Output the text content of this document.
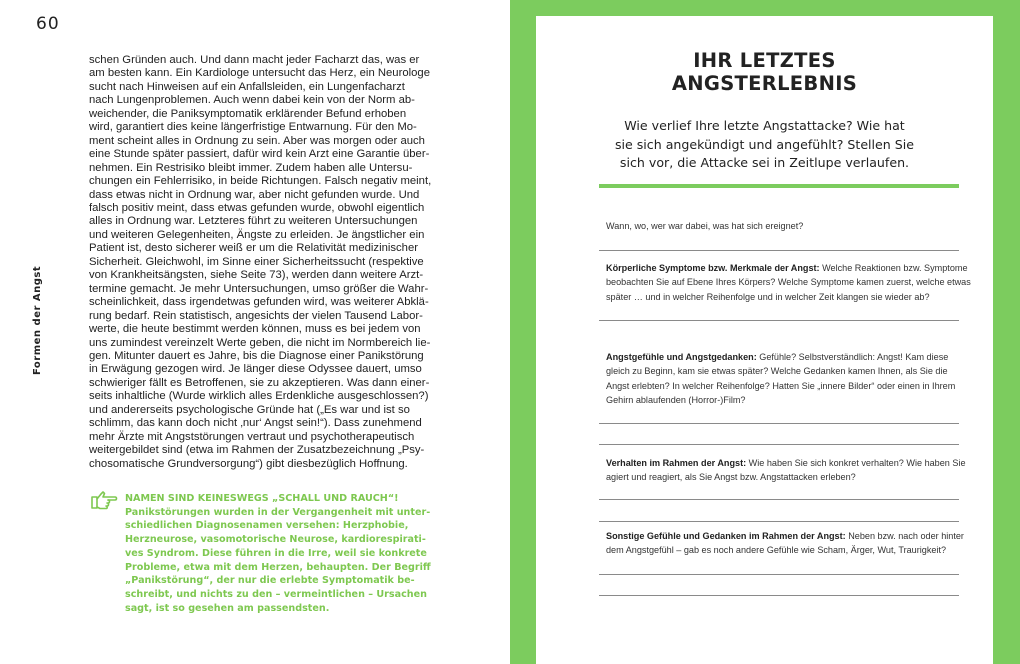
60
Formen der Angst

schen Gründen auch. Und dann macht jeder Facharzt das, was er
am besten kann. Ein Kardiologe untersucht das Herz, ein Neurologe
sucht nach Hinweisen auf ein Anfallsleiden, ein Lungenfacharzt
nach Lungenproblemen. Auch wenn dabei kein von der Norm ab-
weichender, die Paniksymptomatik erklärender Befund erhoben
wird, garantiert dies keine längerfristige Entwarnung. Für den Mo-
ment scheint alles in Ordnung zu sein. Aber was morgen oder auch
eine Stunde später passiert, dafür wird kein Arzt eine Garantie über-
nehmen. Ein Restrisiko bleibt immer. Zudem haben alle Untersu-
chungen ein Fehlerrisiko, in beide Richtungen. Falsch negativ meint,
dass etwas nicht in Ordnung war, aber nicht gefunden wurde. Und
falsch positiv meint, dass etwas gefunden wurde, obwohl eigentlich
alles in Ordnung war. Letzteres führt zu weiteren Untersuchungen
und weiteren Gelegenheiten, Ängste zu erleiden. Je ängstlicher ein
Patient ist, desto sicherer weiß er um die Relativität medizinischer
Sicherheit. Gleichwohl, im Sinne einer Sicherheitssucht (respektive
von Krankheitsängsten, siehe Seite 73), werden dann weitere Arzt-
termine gemacht. Je mehr Untersuchungen, umso größer die Wahr-
scheinlichkeit, dass irgendetwas gefunden wird, was weiterer Abklä-
rung bedarf. Rein statistisch, angesichts der vielen Tausend Labor-
werte, die heute bestimmt werden können, muss es bei jedem von
uns zumindest vereinzelt Werte geben, die nicht im Normbereich lie-
gen. Mitunter dauert es Jahre, bis die Diagnose einer Panikstörung
in Erwägung gezogen wird. Je länger diese Odyssee dauert, umso
schwieriger fällt es Betroffenen, sie zu akzeptieren. Was dann einer-
seits inhaltliche (Wurde wirklich alles Erdenkliche ausgeschlossen?)
und andererseits psychologische Gründe hat („Es war und ist so
schlimm, das kann doch nicht ‚nur‘ Angst sein!“). Dass zunehmend
mehr Ärzte mit Angststörungen vertraut und psychotherapeutisch
weitergebildet sind (etwa im Rahmen der Zusatzbezeichnung „Psy-
chosomatische Grundversorgung“) gibt diesbezüglich Hoffnung.

NAMEN SIND KEINESWEGS „SCHALL UND RAUCH“!
Panikstörungen wurden in der Vergangenheit mit unter-
schiedlichen Diagnosenamen versehen: Herzphobie,
Herzneurose, vasomotorische Neurose, kardiorespirati-
ves Syndrom. Diese führen in die Irre, weil sie konkrete
Probleme, etwa mit dem Herzen, behaupten. Der Begriff
„Panikstörung“, der nur die erlebte Symptomatik be-
schreibt, und nichts zu den – vermeintlichen – Ursachen
sagt, ist so gesehen am passendsten.
IHR LETZTES
ANGSTERLEBNIS
Wie verlief Ihre letzte Angstattacke? Wie hat
sie sich angekündigt und angefühlt? Stellen Sie
sich vor, die Attacke sei in Zeitlupe verlaufen.
Wann, wo, wer war dabei, was hat sich ereignet?
Körperliche Symptome bzw. Merkmale der Angst: Welche Reaktionen bzw. Symptome
beobachten Sie auf Ebene Ihres Körpers? Welche Symptome kamen zuerst, welche etwas
später … und in welcher Reihenfolge und in welcher Zeit klangen sie wieder ab?
Angstgefühle und Angstgedanken: Gefühle? Selbstverständlich: Angst! Kam diese
gleich zu Beginn, kam sie etwas später? Welche Gedanken kamen Ihnen, als Sie die
Angst erlebten? In welcher Reihenfolge? Hatten Sie „innere Bilder“ oder einen in Ihrem
Gehirn ablaufenden (Horror-)Film?
Verhalten im Rahmen der Angst: Wie haben Sie sich konkret verhalten? Wie haben Sie
agiert und reagiert, als Sie Angst bzw. Angstattacken erleben?
Sonstige Gefühle und Gedanken im Rahmen der Angst: Neben bzw. nach oder hinter
dem Angstgefühl – gab es noch andere Gefühle wie Scham, Ärger, Wut, Traurigkeit?
